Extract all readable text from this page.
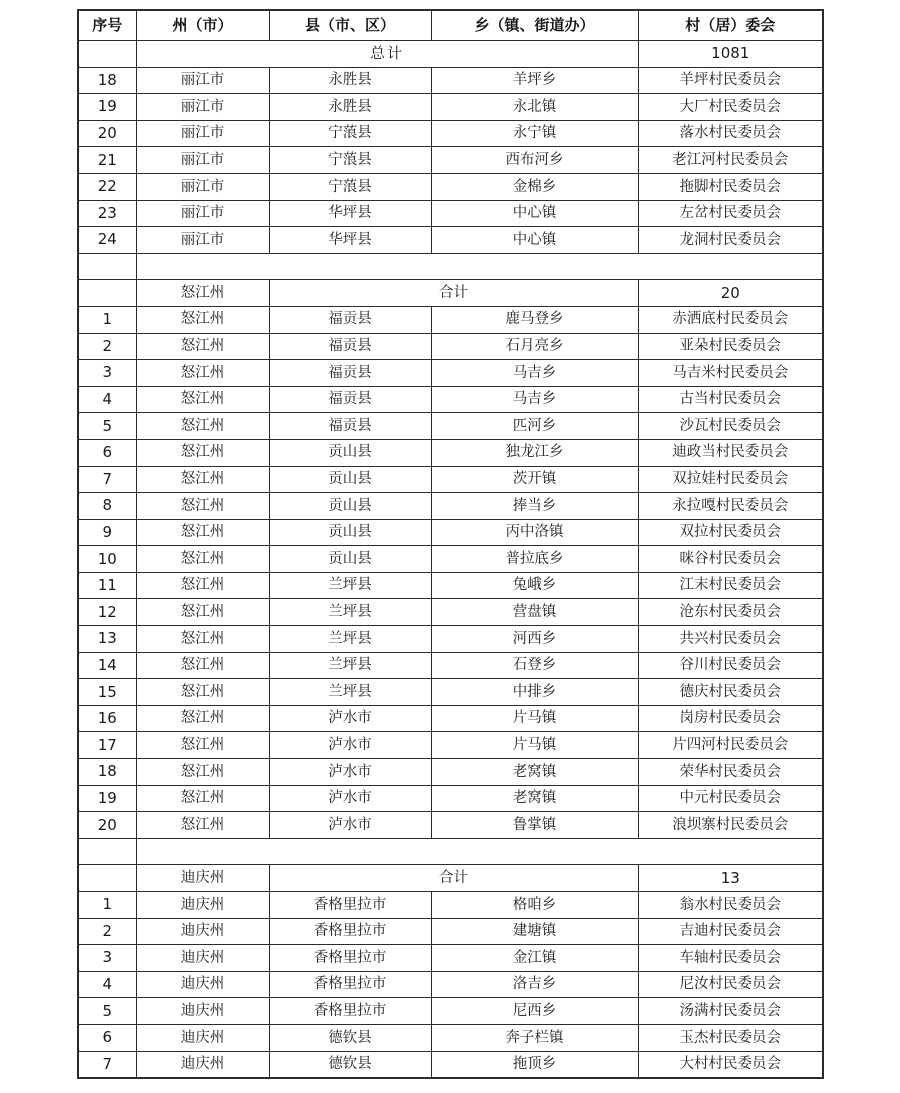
序号	州（市）	县（市、区）	乡（镇、街道办）	村（居）委会
	总计			1081
18	丽江市	永胜县	羊坪乡	羊坪村民委员会
19	丽江市	永胜县	永北镇	大厂村民委员会
20	丽江市	宁蒗县	永宁镇	落水村民委员会
21	丽江市	宁蒗县	西布河乡	老江河村民委员会
22	丽江市	宁蒗县	金棉乡	拖脚村民委员会
23	丽江市	华坪县	中心镇	左岔村民委员会
24	丽江市	华坪县	中心镇	龙洞村民委员会

	怒江州	合计		20
1	怒江州	福贡县	鹿马登乡	赤洒底村民委员会
2	怒江州	福贡县	石月亮乡	亚朵村民委员会
3	怒江州	福贡县	马吉乡	马吉米村民委员会
4	怒江州	福贡县	马吉乡	古当村民委员会
5	怒江州	福贡县	匹河乡	沙瓦村民委员会
6	怒江州	贡山县	独龙江乡	迪政当村民委员会
7	怒江州	贡山县	茨开镇	双拉娃村民委员会
8	怒江州	贡山县	捧当乡	永拉嘎村民委员会
9	怒江州	贡山县	丙中洛镇	双拉村民委员会
10	怒江州	贡山县	普拉底乡	咪谷村民委员会
11	怒江州	兰坪县	兔峨乡	江末村民委员会
12	怒江州	兰坪县	营盘镇	沧东村民委员会
13	怒江州	兰坪县	河西乡	共兴村民委员会
14	怒江州	兰坪县	石登乡	谷川村民委员会
15	怒江州	兰坪县	中排乡	德庆村民委员会
16	怒江州	泸水市	片马镇	岗房村民委员会
17	怒江州	泸水市	片马镇	片四河村民委员会
18	怒江州	泸水市	老窝镇	荣华村民委员会
19	怒江州	泸水市	老窝镇	中元村民委员会
20	怒江州	泸水市	鲁掌镇	浪坝寨村民委员会

	迪庆州	合计		13
1	迪庆州	香格里拉市	格咱乡	翁水村民委员会
2	迪庆州	香格里拉市	建塘镇	吉迪村民委员会
3	迪庆州	香格里拉市	金江镇	车轴村民委员会
4	迪庆州	香格里拉市	洛吉乡	尼汝村民委员会
5	迪庆州	香格里拉市	尼西乡	汤满村民委员会
6	迪庆州	德钦县	奔子栏镇	玉杰村民委员会
7	迪庆州	德钦县	拖顶乡	大村村民委员会
